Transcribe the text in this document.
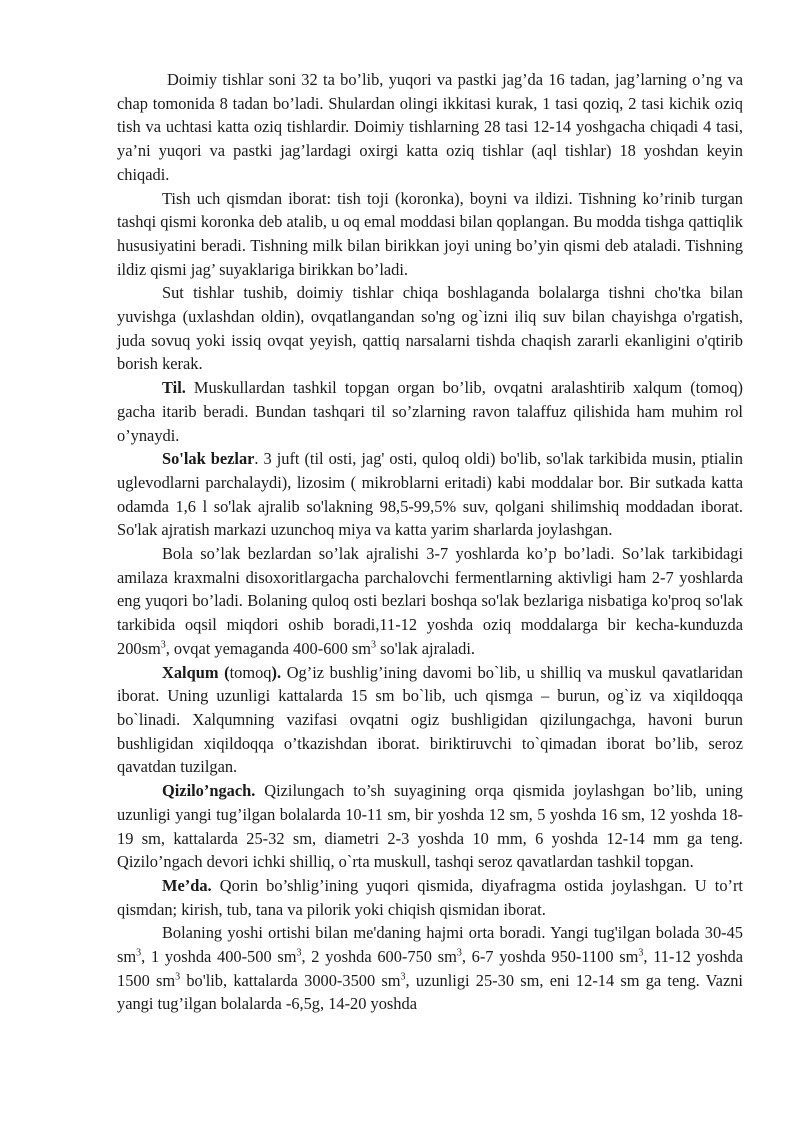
Doimiy tishlar soni 32 ta bo’lib, yuqori va pastki jag’da 16 tadan, jag’larning o’ng va chap tomonida 8 tadan bo’ladi. Shulardan olingi ikkitasi kurak, 1 tasi qoziq, 2 tasi kichik oziq tish va uchtasi katta oziq tishlardir. Doimiy tishlarning 28 tasi 12-14 yoshgacha chiqadi 4 tasi, ya’ni yuqori va pastki jag’lardagi oxirgi katta oziq tishlar (aql tishlar) 18 yoshdan keyin chiqadi.

Tish uch qismdan iborat: tish toji (koronka), boyni va ildizi. Tishning ko’rinib turgan tashqi qismi koronka deb atalib, u oq emal moddasi bilan qoplangan. Bu modda tishga qattiqlik hususiyatini beradi. Tishning milk bilan birikkan joyi uning bo’yin qismi deb ataladi. Tishning ildiz qismi jag’ suyaklariga birikkan bo’ladi.

Sut tishlar tushib, doimiy tishlar chiqa boshlaganda bolalarga tishni cho'tka bilan yuvishga (uxlashdan oldin), ovqatlangandan so'ng og`izni iliq suv bilan chayishga o'rgatish, juda sovuq yoki issiq ovqat yeyish, qattiq narsalarni tishda chaqish zararli ekanligini o'qtirib borish kerak.

Til. Muskullardan tashkil topgan organ bo’lib, ovqatni aralashtirib xalqum (tomoq) gacha itarib beradi. Bundan tashqari til so’zlarning ravon talaffuz qilishida ham muhim rol o’ynaydi.

So'lak bezlar. 3 juft (til osti, jag' osti, quloq oldi) bo'lib, so'lak tarkibida musin, ptialin uglevodlarni parchalaydi), lizosim ( mikroblarni eritadi) kabi moddalar bor. Bir sutkada katta odamda 1,6 l so'lak ajralib so'lakning 98,5-99,5% suv, qolgani shilimshiq moddadan iborat. So'lak ajratish markazi uzunchoq miya va katta yarim sharlarda joylashgan.

Bola so’lak bezlardan so’lak ajralishi 3-7 yoshlarda ko’p bo’ladi. So’lak tarkibidagi amilaza kraxmalni disoxoritlargacha parchalovchi fermentlarning aktivligi ham 2-7 yoshlarda eng yuqori bo’ladi. Bolaning quloq osti bezlari boshqa so'lak bezlariga nisbatiga ko'proq so'lak tarkibida oqsil miqdori oshib boradi,11-12 yoshda oziq moddalarga bir kecha-kunduzda $200sm^3$, ovqat yemaganda 400-600 $sm^3$ so'lak ajraladi.

Xalqum (tomoq). Og’iz bushlig’ining davomi bo`lib, u shilliq va muskul qavatlaridan iborat. Uning uzunligi kattalarda 15 sm bo`lib, uch qismga – burun, og`iz va xiqildoqqa bo`linadi. Xalqumning vazifasi ovqatni ogiz bushligidan qizilungachga, havoni burun bushligidan xiqildoqqa o’tkazishdan iborat. biriktiruvchi to`qimadan iborat bo’lib, seroz qavatdan tuzilgan.

Qizilo’ngach. Qizilungach to’sh suyagining orqa qismida joylashgan bo’lib, uning uzunligi yangi tug’ilgan bolalarda 10-11 sm, bir yoshda 12 sm, 5 yoshda 16 sm, 12 yoshda 18-19 sm, kattalarda 25-32 sm, diametri 2-3 yoshda 10 mm, 6 yoshda 12-14 mm ga teng. Qizilo’ngach devori ichki shilliq, o`rta muskull, tashqi seroz qavatlardan tashkil topgan.

Me’da. Qorin bo’shlig’ining yuqori qismida, diyafragma ostida joylashgan. U to’rt qismdan; kirish, tub, tana va pilorik yoki chiqish qismidan iborat.

Bolaning yoshi ortishi bilan me'daning hajmi orta boradi. Yangi tug'ilgan bolada 30-45 $sm^3$, 1 yoshda 400-500 $sm^3$, 2 yoshda 600-750 $sm^3$, 6-7 yoshda 950-1100 $sm^3$, 11-12 yoshda 1500 $sm^3$ bo'lib, kattalarda 3000-3500 $sm^3$, uzunligi 25-30 sm, eni 12-14 sm ga teng. Vazni yangi tug’ilgan bolalarda -6,5g, 14-20 yoshda
